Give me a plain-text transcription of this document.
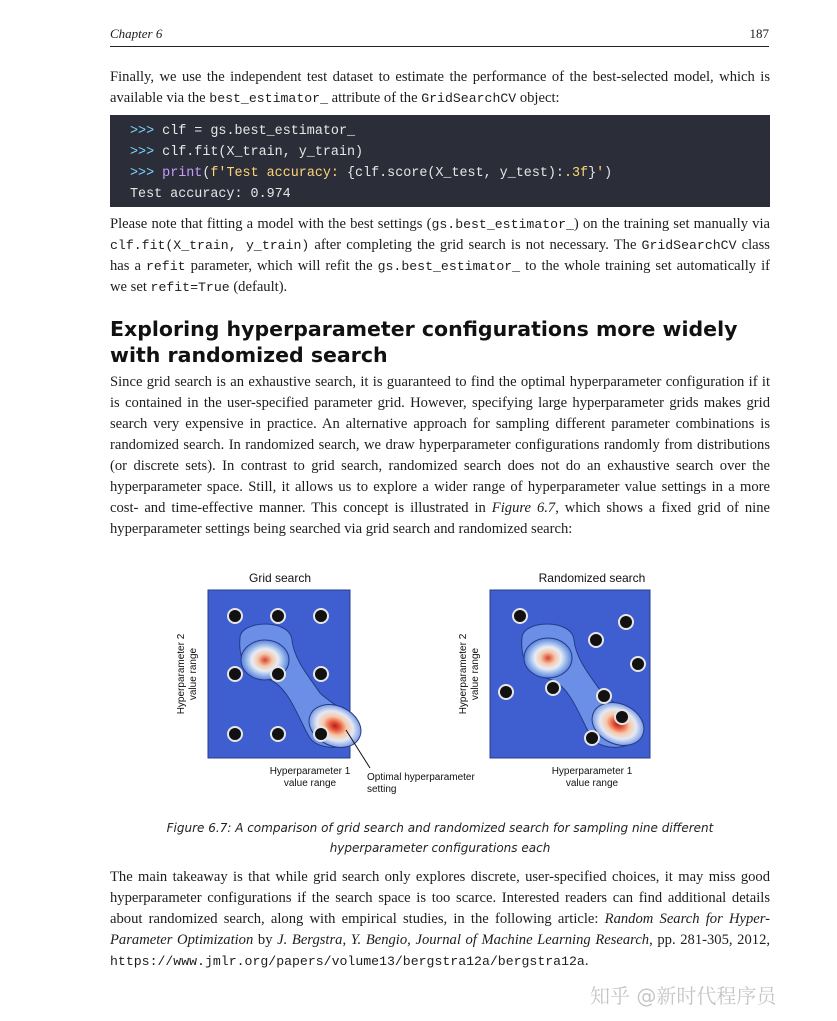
Chapter 6	187

Finally, we use the independent test dataset to estimate the performance of the best-selected model, which is available via the best_estimator_ attribute of the GridSearchCV object:

>>> clf = gs.best_estimator_
>>> clf.fit(X_train, y_train)
>>> print(f'Test accuracy: {clf.score(X_test, y_test):.3f}')
Test accuracy: 0.974

Please note that fitting a model with the best settings (gs.best_estimator_) on the training set manually via clf.fit(X_train, y_train) after completing the grid search is not necessary. The GridSearchCV class has a refit parameter, which will refit the gs.best_estimator_ to the whole training set automatically if we set refit=True (default).

Exploring hyperparameter configurations more widely with randomized search

Since grid search is an exhaustive search, it is guaranteed to find the optimal hyperparameter configuration if it is contained in the user-specified parameter grid. However, specifying large hyperparameter grids makes grid search very expensive in practice. An alternative approach for sampling different parameter combinations is randomized search. In randomized search, we draw hyperparameter configurations randomly from distributions (or discrete sets). In contrast to grid search, randomized search does not do an exhaustive search over the hyperparameter space. Still, it allows us to explore a wider range of hyperparameter value settings in a more cost- and time-effective manner. This concept is illustrated in Figure 6.7, which shows a fixed grid of nine hyperparameter settings being searched via grid search and randomized search:

Grid search
Hyperparameter 2 value range
Hyperparameter 1
value range
Optimal hyperparameter
setting
Randomized search
Hyperparameter 2 value range
Hyperparameter 1
value range
Figure 6.7: A comparison of grid search and randomized search for sampling nine different hyperparameter configurations each

The main takeaway is that while grid search only explores discrete, user-specified choices, it may miss good hyperparameter configurations if the search space is too scarce. Interested readers can find additional details about randomized search, along with empirical studies, in the following article: Random Search for Hyper-Parameter Optimization by J. Bergstra, Y. Bengio, Journal of Machine Learning Research, pp. 281-305, 2012, https://www.jmlr.org/papers/volume13/bergstra12a/bergstra12a.

知乎 @新时代程序员
